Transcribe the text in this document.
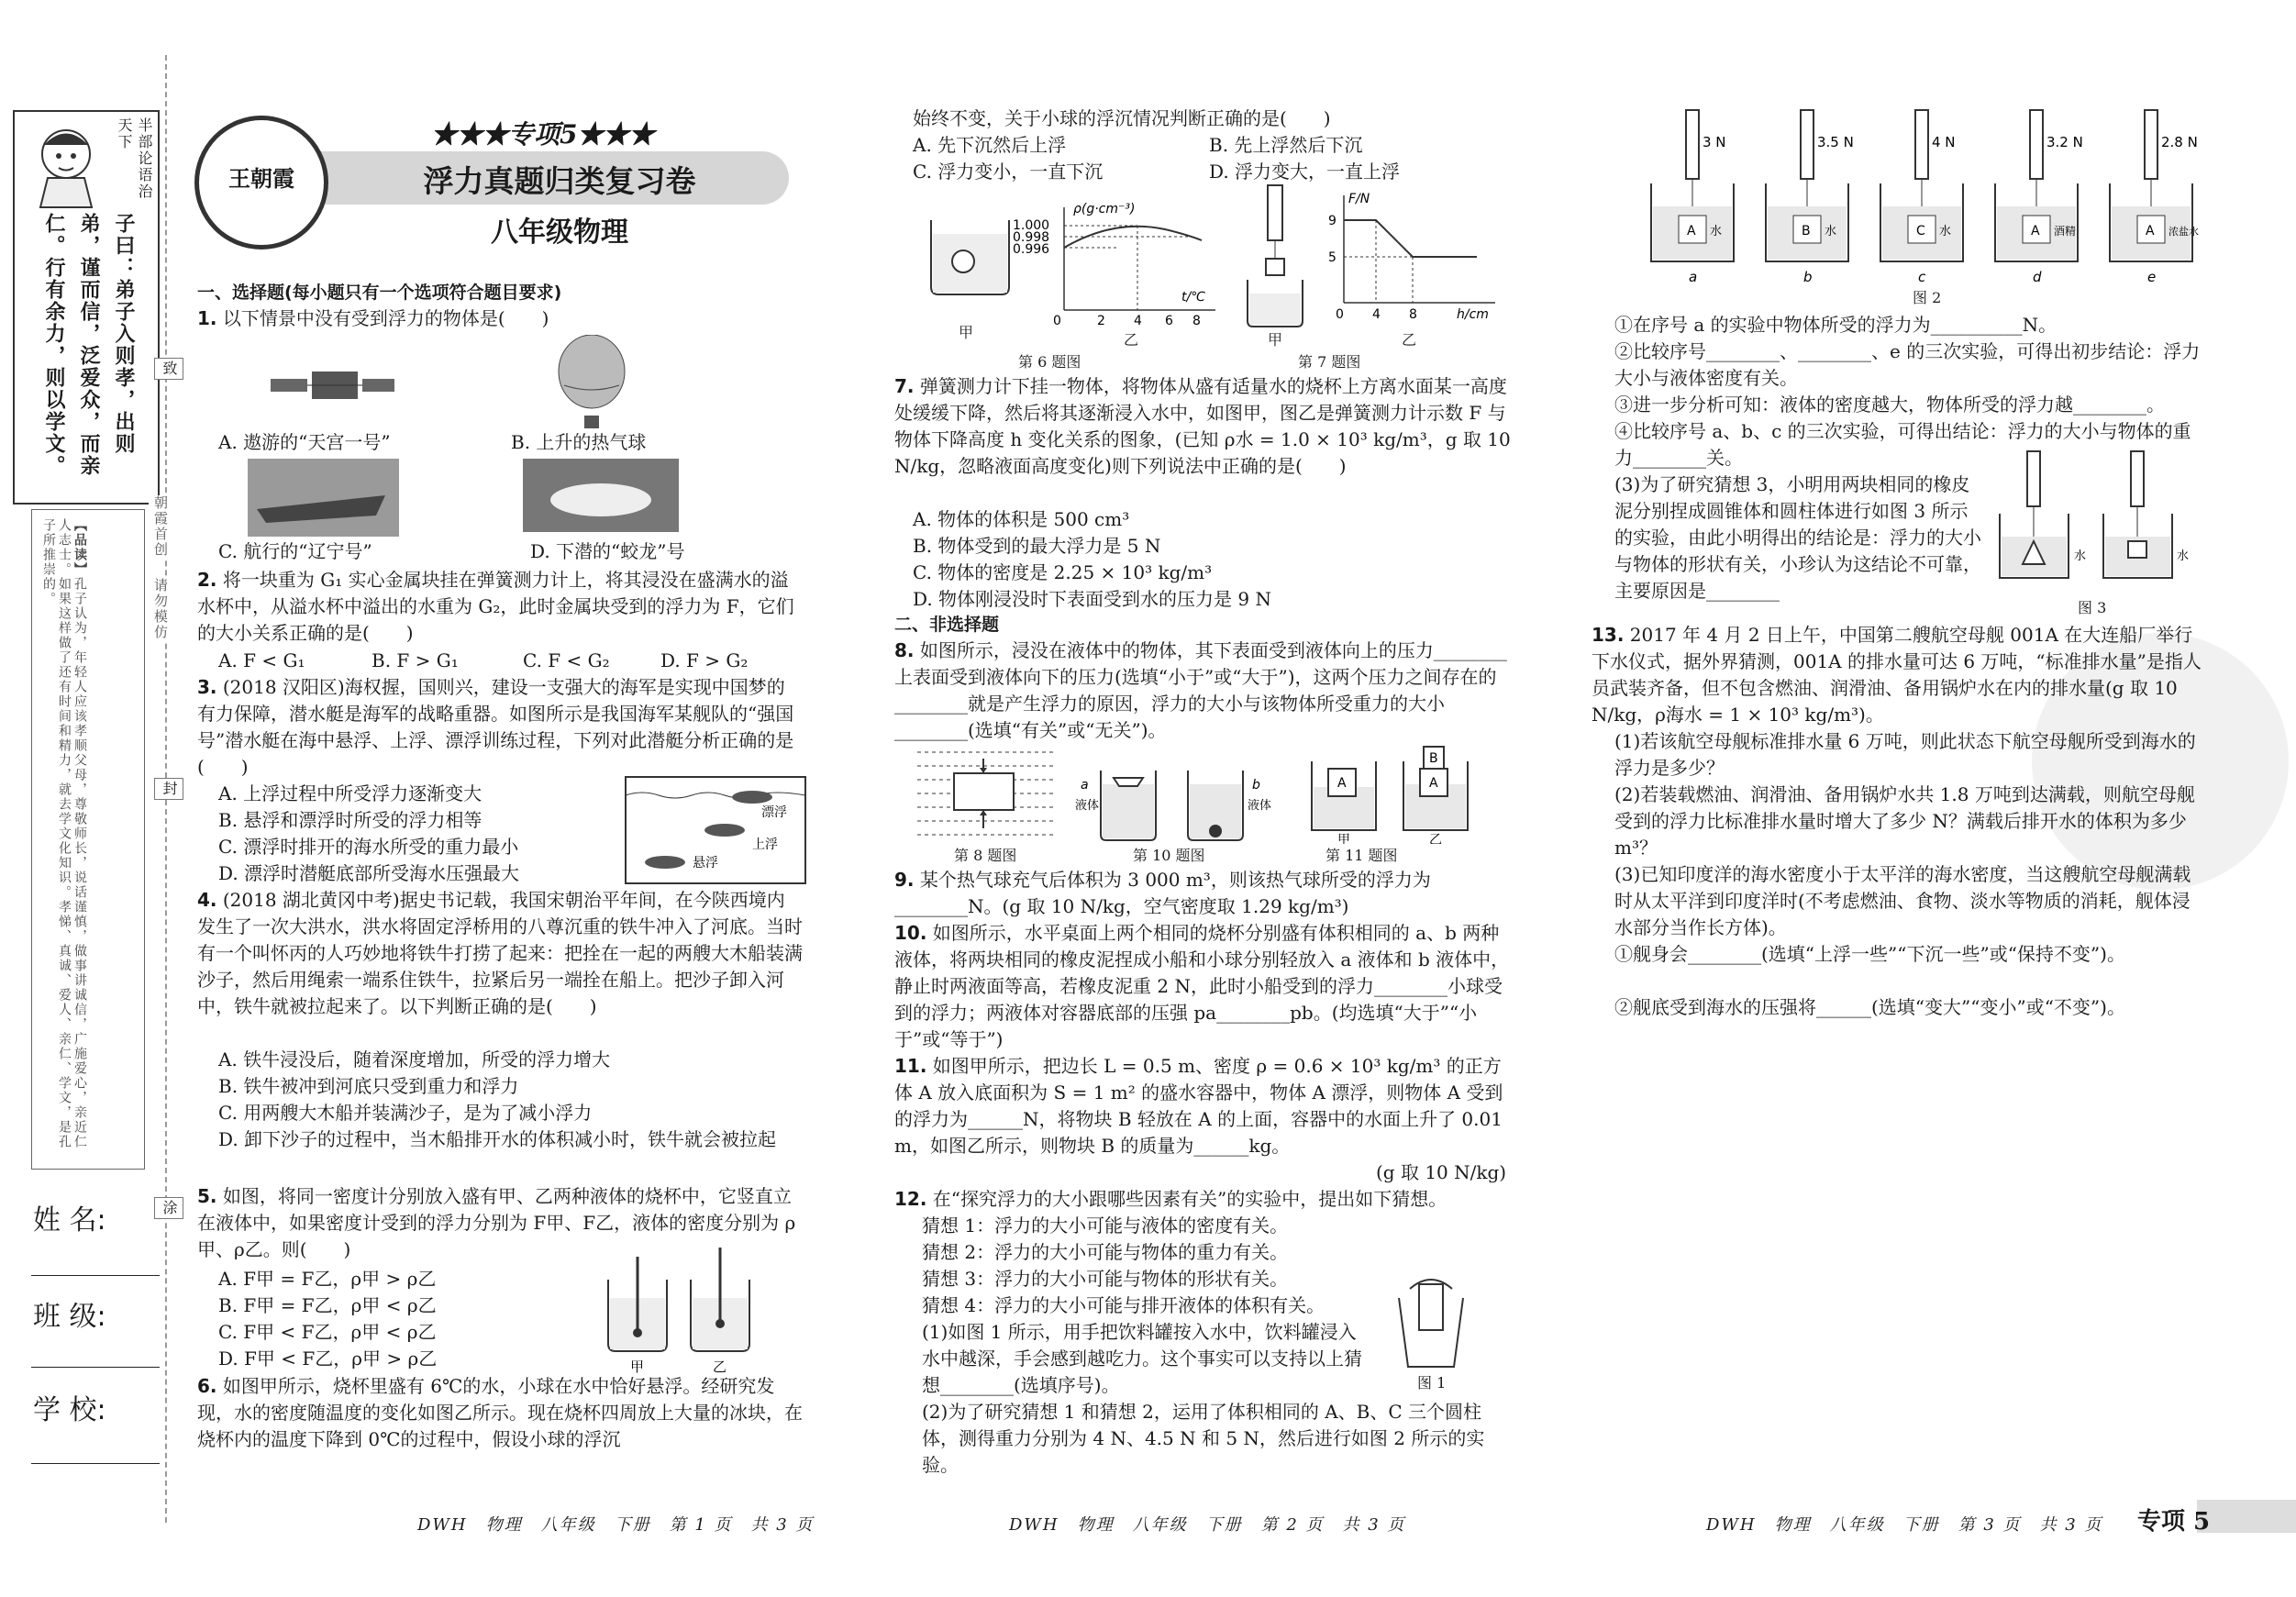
半部论语治天下
子曰：弟子入则孝，出则弟，谨而信，泛爱众，而亲仁。行有余力，则以学文。
【品读】孔子认为，年轻人应该孝顺父母，尊敬师长，说话谨慎，做事讲诚信，广施爱心，亲近仁人志士。如果这样做了还有时间和精力，就去学文化知识。孝悌、真诚、爱人、亲仁、学文，是孔子所推崇的。
致
封
涂
朝霞首创
请勿模仿
姓 名:
班 级:
学 校:
王朝霞
★★★专项5★★★
浮力真题归类复习卷
八年级物理
一、选择题(每小题只有一个选项符合题目要求)
1. 以下情景中没有受到浮力的物体是(　　)
A. 遨游的“天宫一号”	B. 上升的热气球
C. 航行的“辽宁号”	D. 下潜的“蛟龙”号
2. 将一块重为 G₁ 实心金属块挂在弹簧测力计上，将其浸没在盛满水的溢水杯中，从溢水杯中溢出的水重为 G₂，此时金属块受到的浮力为 F，它们的大小关系正确的是(　　)
A. F < G₁	B. F > G₁	C. F < G₂	D. F > G₂
3. (2018 汉阳区)海权握，国则兴，建设一支强大的海军是实现中国梦的有力保障，潜水艇是海军的战略重器。如图所示是我国海军某舰队的“强国号”潜水艇在海中悬浮、上浮、漂浮训练过程，下列对此潜艇分析正确的是(　　)
A. 上浮过程中所受浮力逐渐变大
B. 悬浮和漂浮时所受的浮力相等
C. 漂浮时排开的海水所受的重力最小
D. 漂浮时潜艇底部所受海水压强最大
漂浮
上浮
悬浮
4. (2018 湖北黄冈中考)据史书记载，我国宋朝治平年间，在今陕西境内发生了一次大洪水，洪水将固定浮桥用的八尊沉重的铁牛冲入了河底。当时有一个叫怀丙的人巧妙地将铁牛打捞了起来：把拴在一起的两艘大木船装满沙子，然后用绳索一端系住铁牛，拉紧后另一端拴在船上。把沙子卸入河中，铁牛就被拉起来了。以下判断正确的是(　　)
A. 铁牛浸没后，随着深度增加，所受的浮力增大
B. 铁牛被冲到河底只受到重力和浮力
C. 用两艘大木船并装满沙子，是为了减小浮力
D. 卸下沙子的过程中，当木船排开水的体积减小时，铁牛就会被拉起
5. 如图，将同一密度计分别放入盛有甲、乙两种液体的烧杯中，它竖直立在液体中，如果密度计受到的浮力分别为 F甲、F乙，液体的密度分别为 ρ甲、ρ乙。则(　　)
A. F甲 = F乙，ρ甲 > ρ乙
B. F甲 = F乙，ρ甲 < ρ乙
C. F甲 < F乙，ρ甲 < ρ乙
D. F甲 < F乙，ρ甲 > ρ乙	甲	乙
6. 如图甲所示，烧杯里盛有 6℃的水，小球在水中恰好悬浮。经研究发现，水的密度随温度的变化如图乙所示。现在烧杯四周放上大量的冰块，在烧杯内的温度下降到 0℃的过程中，假设小球的浮沉
DWH　物理　八年级　下册　第 1 页　共 3 页
始终不变，关于小球的浮沉情况判断正确的是(　　)
A. 先下沉然后上浮	B. 先上浮然后下沉
C. 浮力变小，一直下沉	D. 浮力变大，一直上浮
甲
1.000
0.998
0.996
ρ(g·cm⁻³)
t/℃
0	2 4 6 8
乙
第 6 题图
甲
F/N
9
5
0 4 8	h/cm
乙
第 7 题图
7. 弹簧测力计下挂一物体，将物体从盛有适量水的烧杯上方离水面某一高度处缓缓下降，然后将其逐渐浸入水中，如图甲，图乙是弹簧测力计示数 F 与物体下降高度 h 变化关系的图象，(已知 ρ水 = 1.0 × 10³ kg/m³，g 取 10 N/kg，忽略液面高度变化)则下列说法中正确的是(　　)
A. 物体的体积是 500 cm³
B. 物体受到的最大浮力是 5 N
C. 物体的密度是 2.25 × 10³ kg/m³
D. 物体刚浸没时下表面受到水的压力是 9 N
二、非选择题
8. 如图所示，浸没在液体中的物体，其下表面受到液体向上的压力________上表面受到液体向下的压力(选填“小于”或“大于”)，这两个压力之间存在的________就是产生浮力的原因，浮力的大小与该物体所受重力的大小________(选填“有关”或“无关”)。
第 8 题图
a
液体
b
液体
第 10 题图
A	A
B
甲	乙
第 11 题图
9. 某个热气球充气后体积为 3 000 m³，则该热气球所受的浮力为________N。(g 取 10 N/kg，空气密度取 1.29 kg/m³)
10. 如图所示，水平桌面上两个相同的烧杯分别盛有体积相同的 a、b 两种液体，将两块相同的橡皮泥捏成小船和小球分别轻放入 a 液体和 b 液体中，静止时两液面等高，若橡皮泥重 2 N，此时小船受到的浮力________小球受到的浮力；两液体对容器底部的压强 pa________pb。(均选填“大于”“小于”或“等于”)
11. 如图甲所示，把边长 L = 0.5 m、密度 ρ = 0.6 × 10³ kg/m³ 的正方体 A 放入底面积为 S = 1 m² 的盛水容器中，物体 A 漂浮，则物体 A 受到的浮力为______N，将物块 B 轻放在 A 的上面，容器中的水面上升了 0.01 m，如图乙所示，则物块 B 的质量为______kg。
(g 取 10 N/kg)
12. 在“探究浮力的大小跟哪些因素有关”的实验中，提出如下猜想。
猜想 1：浮力的大小可能与液体的密度有关。
猜想 2：浮力的大小可能与物体的重力有关。
猜想 3：浮力的大小可能与物体的形状有关。
猜想 4：浮力的大小可能与排开液体的体积有关。
(1)如图 1 所示，用手把饮料罐按入水中，饮料罐浸入水中越深，手会感到越吃力。这个事实可以支持以上猜想________(选填序号)。	图 1
(2)为了研究猜想 1 和猜想 2，运用了体积相同的 A、B、C 三个圆柱体，测得重力分别为 4 N、4.5 N 和 5 N，然后进行如图 2 所示的实验。
DWH　物理　八年级　下册　第 2 页　共 3 页
3 N	3.5 N	4 N	3.2 N	2.8 N
A	B	C	A	A
水	水	水	酒精	浓盐水
a	b	c	d	e
图 2
①在序号 a 的实验中物体所受的浮力为__________N。
②比较序号________、________、e 的三次实验，可得出初步结论：浮力大小与液体密度有关。
③进一步分析可知：液体的密度越大，物体所受的浮力越________。
④比较序号 a、b、c 的三次实验，可得出结论：浮力的大小与物体的重力________关。
(3)为了研究猜想 3，小明用两块相同的橡皮泥分别捏成圆锥体和圆柱体进行如图 3 所示的实验，由此小明得出的结论是：浮力的大小与物体的形状有关，小珍认为这结论不可靠，主要原因是________
水	水
图 3
13. 2017 年 4 月 2 日上午，中国第二艘航空母舰 001A 在大连船厂举行下水仪式，据外界猜测，001A 的排水量可达 6 万吨，“标准排水量”是指人员武装齐备，但不包含燃油、润滑油、备用锅炉水在内的排水量(g 取 10 N/kg，ρ海水 = 1 × 10³ kg/m³)。
(1)若该航空母舰标准排水量 6 万吨，则此状态下航空母舰所受到海水的浮力是多少？
(2)若装载燃油、润滑油、备用锅炉水共 1.8 万吨到达满载，则航空母舰受到的浮力比标准排水量时增大了多少 N？满载后排开水的体积为多少 m³？
(3)已知印度洋的海水密度小于太平洋的海水密度，当这艘航空母舰满载时从太平洋到印度洋时(不考虑燃油、食物、淡水等物质的消耗，舰体浸水部分当作长方体)。
①舰身会________(选填“上浮一些”“下沉一些”或“保持不变”)。
②舰底受到海水的压强将______(选填“变大”“变小”或“不变”)。
DWH　物理　八年级　下册　第 3 页　共 3 页 专项 5
